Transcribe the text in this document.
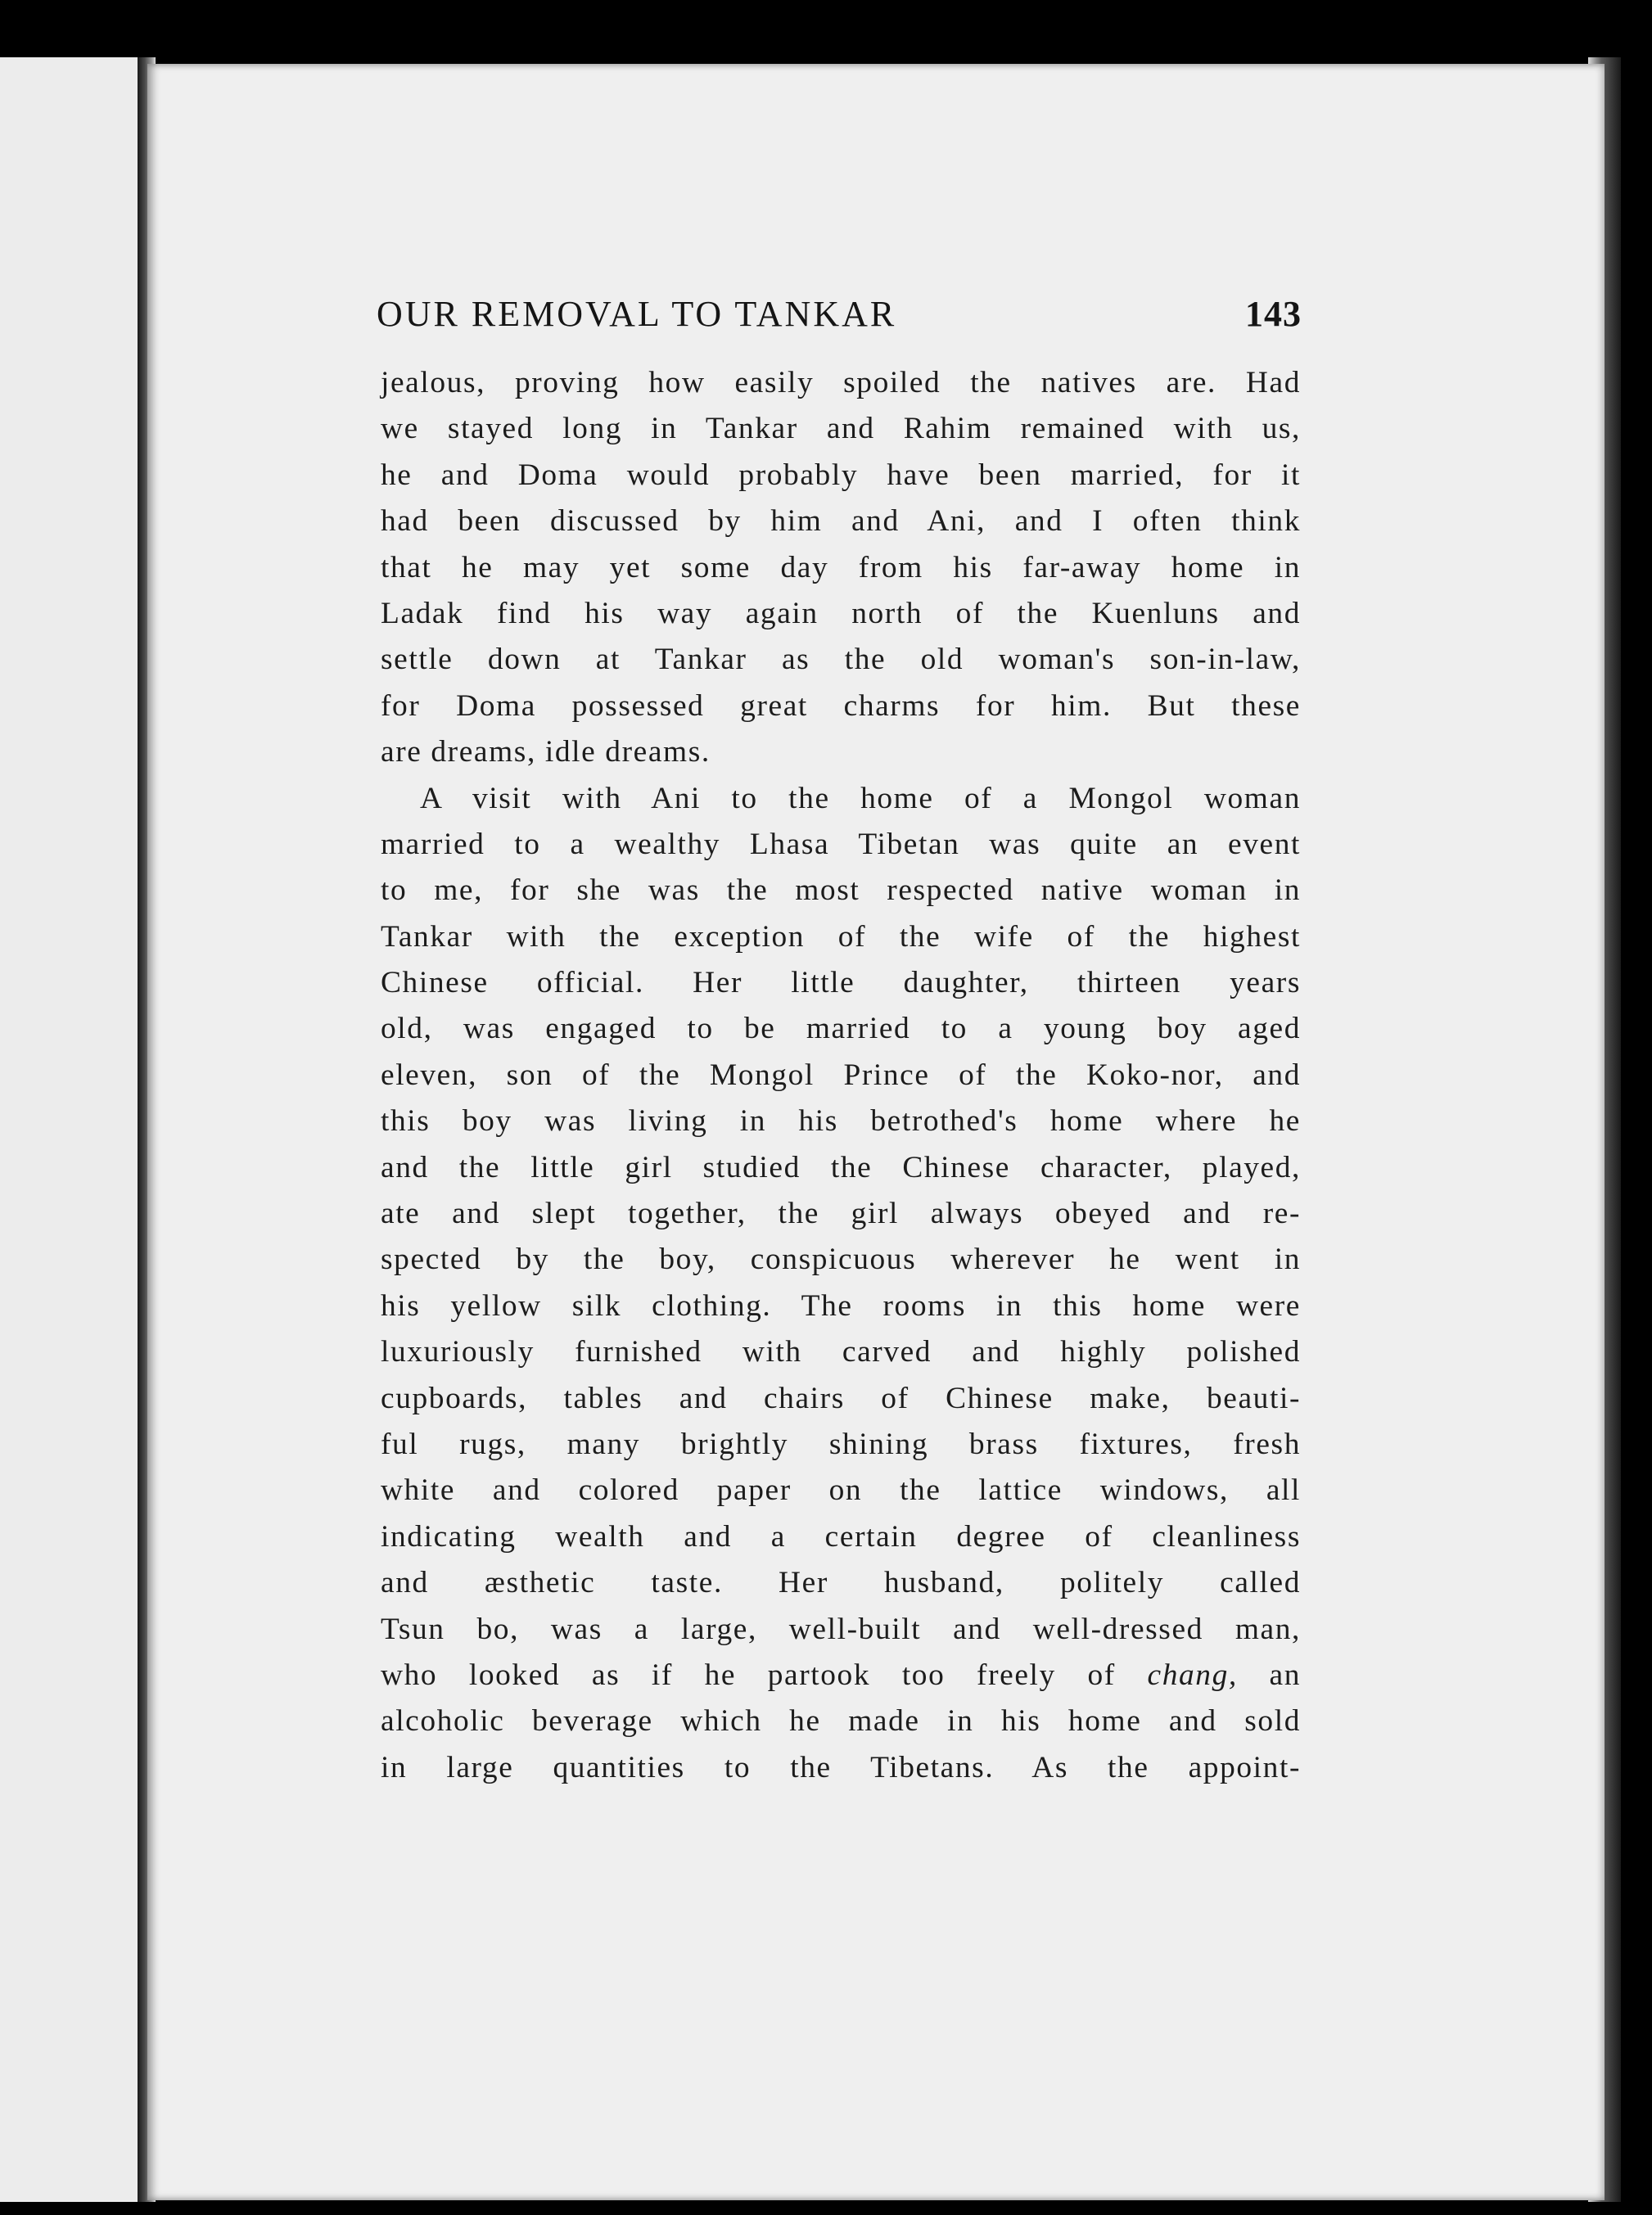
OUR REMOVAL TO TANKAR	143
jealous, proving how easily spoiled the natives are. Had
we stayed long in Tankar and Rahim remained with us,
he and Doma would probably have been married, for it
had been discussed by him and Ani, and I often think
that he may yet some day from his far-away home in
Ladak find his way again north of the Kuenluns and
settle down at Tankar as the old woman's son-in-law,
for Doma possessed great charms for him. But these
are dreams, idle dreams.
A visit with Ani to the home of a Mongol woman
married to a wealthy Lhasa Tibetan was quite an event
to me, for she was the most respected native woman in
Tankar with the exception of the wife of the highest
Chinese official. Her little daughter, thirteen years
old, was engaged to be married to a young boy aged
eleven, son of the Mongol Prince of the Koko-nor, and
this boy was living in his betrothed's home where he
and the little girl studied the Chinese character, played,
ate and slept together, the girl always obeyed and re-
spected by the boy, conspicuous wherever he went in
his yellow silk clothing. The rooms in this home were
luxuriously furnished with carved and highly polished
cupboards, tables and chairs of Chinese make, beauti-
ful rugs, many brightly shining brass fixtures, fresh
white and colored paper on the lattice windows, all
indicating wealth and a certain degree of cleanliness
and æsthetic taste. Her husband, politely called
Tsun bo, was a large, well-built and well-dressed man,
who looked as if he partook too freely of chang, an
alcoholic beverage which he made in his home and sold
in large quantities to the Tibetans. As the appoint-
